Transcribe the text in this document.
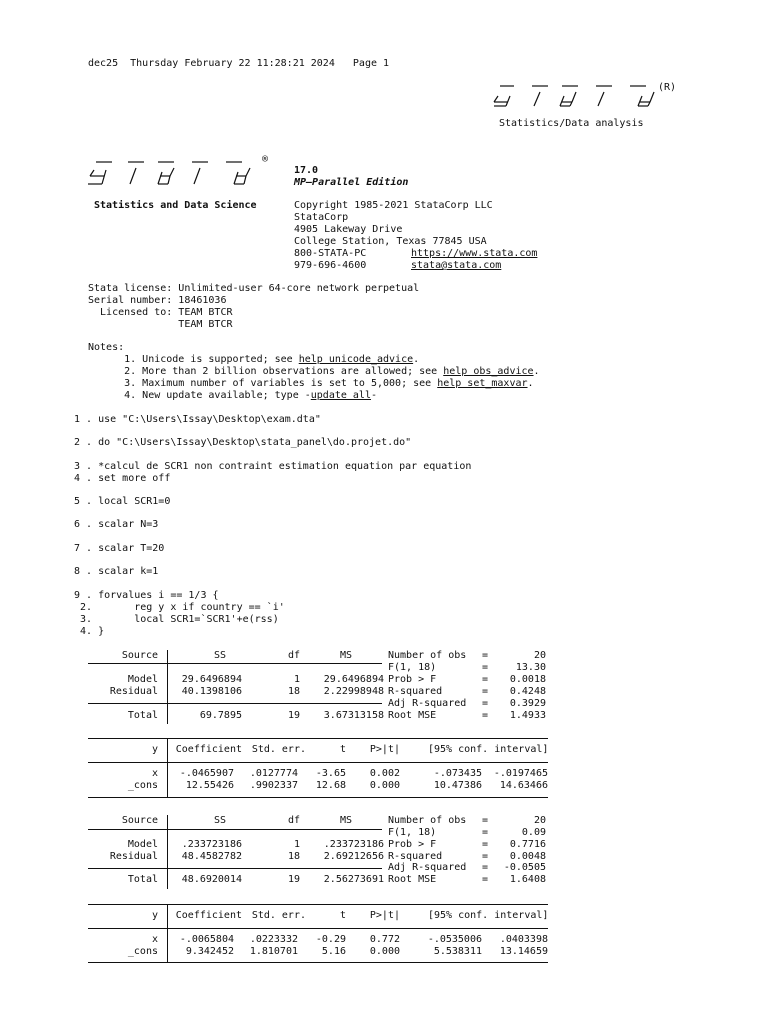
dec25  Thursday February 22 11:28:21 2024   Page 1
(R)
Statistics/Data analysis
®
17.0
MP—Parallel Edition
Statistics and Data Science	Copyright 1985-2021 StataCorp LLC
StataCorp
4905 Lakeway Drive
College Station, Texas 77845 USA
800-STATA-PC	https://www.stata.com
979-696-4600	stata@stata.com
Stata license: Unlimited-user 64-core network perpetual
Serial number: 18461036
Licensed to: TEAM BTCR
TEAM BTCR
Notes:
1. Unicode is supported; see help unicode_advice.
2. More than 2 billion observations are allowed; see help obs_advice.
3. Maximum number of variables is set to 5,000; see help set_maxvar.
4. New update available; type -update all-
1 . use "C:\Users\Issay\Desktop\exam.dta"
2 . do "C:\Users\Issay\Desktop\stata_panel\do.projet.do"
3 . *calcul de SCR1 non contraint estimation equation par equation
4 . set more off
5 . local SCR1=0
6 . scalar N=3
7 . scalar T=20
8 . scalar k=1
9 . forvalues i == 1/3 {
2.       reg y x if country == `i'
3.       local SCR1=`SCR1'+e(rss)
4. }
Source	SS	df	MS
Model	29.6496894	1	29.6496894
Residual	40.1398106	18	2.22998948
Total	69.7895	19	3.67313158
Number of obs =	20
F(1, 18)	=	13.30
Prob > F	=	0.0018
R-squared	=	0.4248
Adj R-squared =	0.3929
Root MSE	=	1.4933
y	Coefficient Std. err.	t	P>|t|	[95% conf. interval]
x	-.0465907	.0127774	-3.65	0.002	-.073435	-.0197465
_cons	12.55426	.9902337	12.68	0.000	10.47386	14.63466
Source	SS	df	MS
Model	.233723186	1	.233723186
Residual	48.4582782	18	2.69212656
Total	48.6920014	19	2.56273691
Number of obs =	20
F(1, 18)	=	0.09
Prob > F	=	0.7716
R-squared	=	0.0048
Adj R-squared =	-0.0505
Root MSE	=	1.6408
y	Coefficient Std. err.	t	P>|t|	[95% conf. interval]
x	-.0065804	.0223332	-0.29	0.772	-.0535006	.0403398
_cons	9.342452	1.810701	5.16	0.000	5.538311	13.14659
